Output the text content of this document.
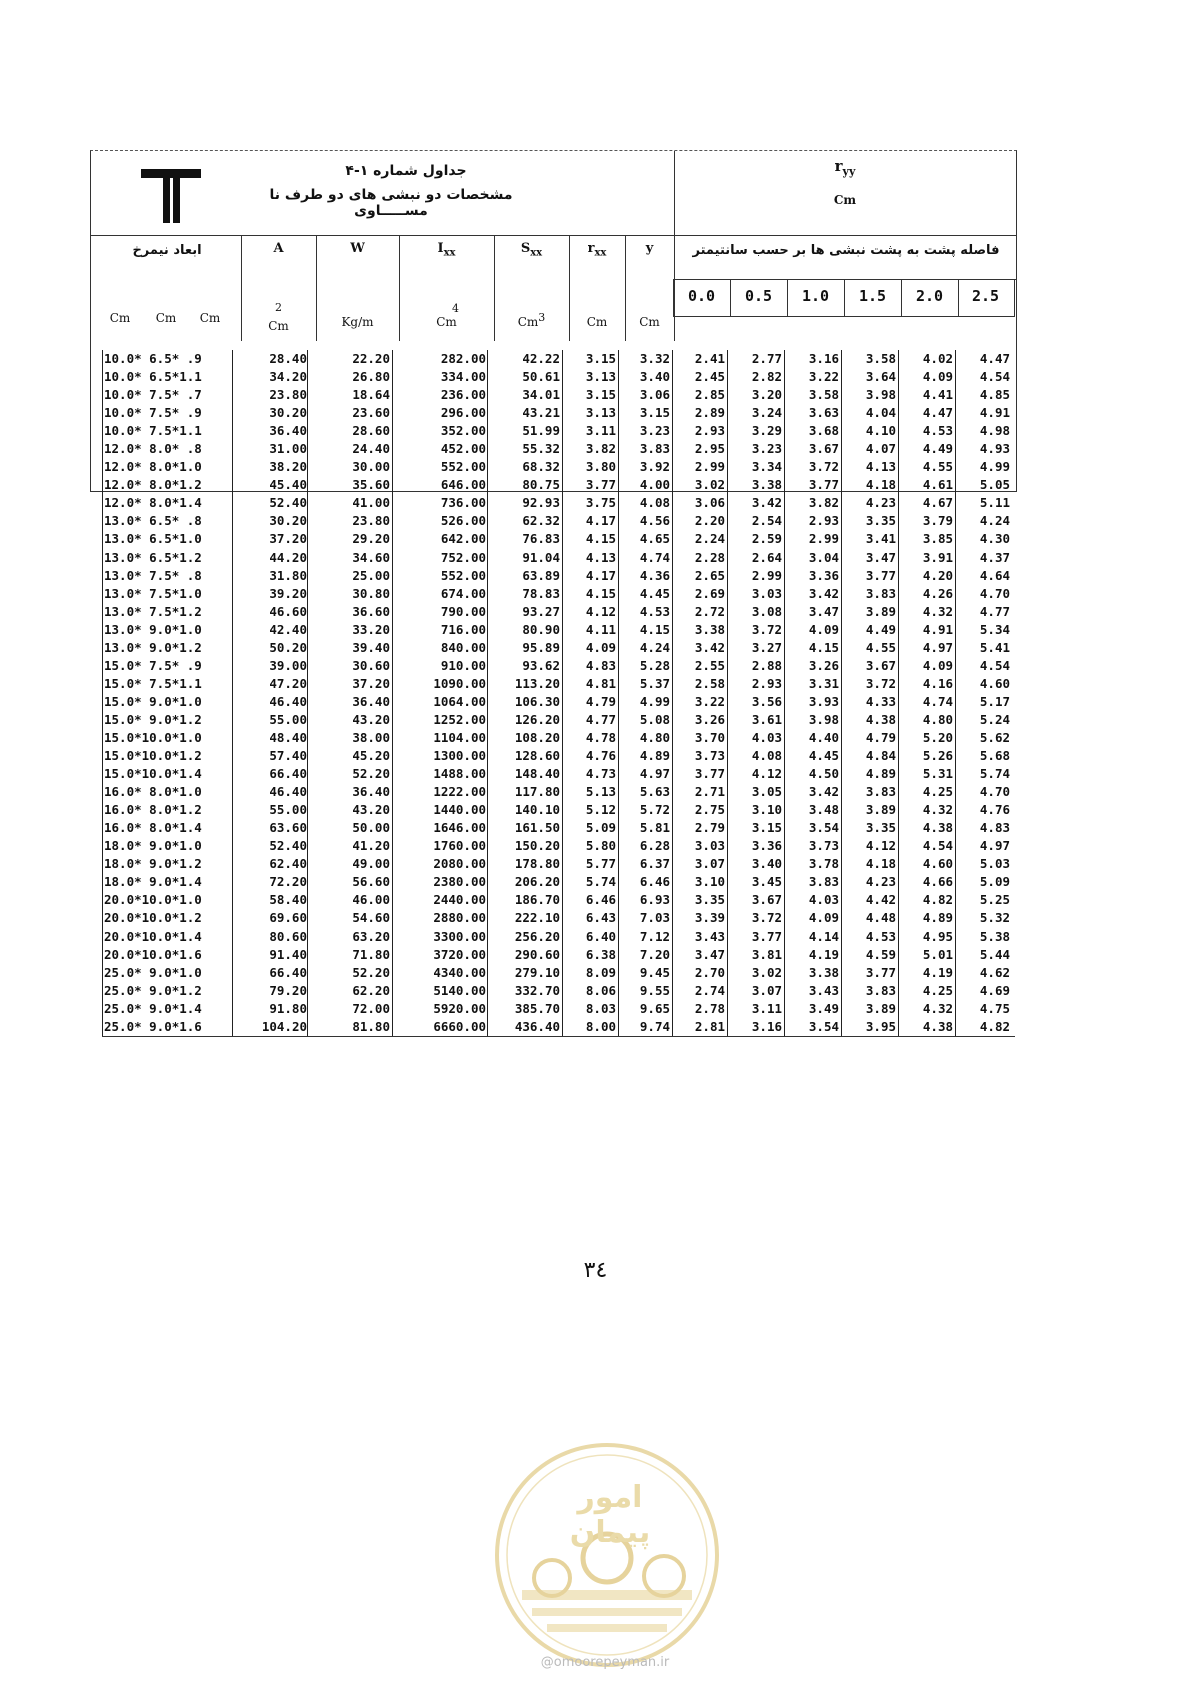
جداول شماره ۱-۴
مشخصات دو نبشی های دو طرف نا مســـــاوی
$r_{yy}$
Cm
فاصله پشت به پشت نبشی ها بر حسب سانتیمتر
ابعاد نیمرخ
Cm	Cm	Cm
A	W	$I_{xx}$	$S_{xx}$	$r_{xx}$	y
$^2$
Cm	Kg/m
4
Cm	Cm$^3$	Cm	Cm
0.0	0.5	1.0	1.5	2.0	2.5
10.0* 6.5* .9	28.40	22.20	282.00	42.22 3.15 3.32 2.41 2.77 3.16 3.58 4.02 4.47
10.0* 6.5*1.1	34.20	26.80	334.00	50.61 3.13 3.40 2.45 2.82 3.22 3.64 4.09 4.54
10.0* 7.5* .7	23.80	18.64	236.00	34.01 3.15 3.06 2.85 3.20 3.58 3.98 4.41 4.85
10.0* 7.5* .9	30.20	23.60	296.00	43.21 3.13 3.15 2.89 3.24 3.63 4.04 4.47 4.91
10.0* 7.5*1.1	36.40	28.60	352.00	51.99 3.11 3.23 2.93 3.29 3.68 4.10 4.53 4.98
12.0* 8.0* .8	31.00	24.40	452.00	55.32 3.82 3.83 2.95 3.23 3.67 4.07 4.49 4.93
12.0* 8.0*1.0	38.20	30.00	552.00	68.32 3.80 3.92 2.99 3.34 3.72 4.13 4.55 4.99
12.0* 8.0*1.2	45.40	35.60	646.00	80.75 3.77 4.00 3.02 3.38 3.77 4.18 4.61 5.05
12.0* 8.0*1.4	52.40	41.00	736.00	92.93 3.75 4.08 3.06 3.42 3.82 4.23 4.67 5.11
13.0* 6.5* .8	30.20	23.80	526.00	62.32 4.17 4.56 2.20 2.54 2.93 3.35 3.79 4.24
13.0* 6.5*1.0	37.20	29.20	642.00	76.83 4.15 4.65 2.24 2.59 2.99 3.41 3.85 4.30
13.0* 6.5*1.2	44.20	34.60	752.00	91.04 4.13 4.74 2.28 2.64 3.04 3.47 3.91 4.37
13.0* 7.5* .8	31.80	25.00	552.00	63.89 4.17 4.36 2.65 2.99 3.36 3.77 4.20 4.64
13.0* 7.5*1.0	39.20	30.80	674.00	78.83 4.15 4.45 2.69 3.03 3.42 3.83 4.26 4.70
13.0* 7.5*1.2	46.60	36.60	790.00	93.27 4.12 4.53 2.72 3.08 3.47 3.89 4.32 4.77
13.0* 9.0*1.0	42.40	33.20	716.00	80.90 4.11 4.15 3.38 3.72 4.09 4.49 4.91 5.34
13.0* 9.0*1.2	50.20	39.40	840.00	95.89 4.09 4.24 3.42 3.27 4.15 4.55 4.97 5.41
15.0* 7.5* .9	39.00	30.60	910.00	93.62 4.83 5.28 2.55 2.88 3.26 3.67 4.09 4.54
15.0* 7.5*1.1	47.20	37.20	1090.00 113.20 4.81 5.37 2.58 2.93 3.31 3.72 4.16 4.60
15.0* 9.0*1.0	46.40	36.40	1064.00 106.30 4.79 4.99 3.22 3.56 3.93 4.33 4.74 5.17
15.0* 9.0*1.2	55.00	43.20	1252.00 126.20 4.77 5.08 3.26 3.61 3.98 4.38 4.80 5.24
15.0*10.0*1.0	48.40	38.00	1104.00 108.20 4.78 4.80 3.70 4.03 4.40 4.79 5.20 5.62
15.0*10.0*1.2	57.40	45.20	1300.00 128.60 4.76 4.89 3.73 4.08 4.45 4.84 5.26 5.68
15.0*10.0*1.4	66.40	52.20	1488.00 148.40 4.73 4.97 3.77 4.12 4.50 4.89 5.31 5.74
16.0* 8.0*1.0	46.40	36.40	1222.00 117.80 5.13 5.63 2.71 3.05 3.42 3.83 4.25 4.70
16.0* 8.0*1.2	55.00	43.20	1440.00 140.10 5.12 5.72 2.75 3.10 3.48 3.89 4.32 4.76
16.0* 8.0*1.4	63.60	50.00	1646.00 161.50 5.09 5.81 2.79 3.15 3.54 3.35 4.38 4.83
18.0* 9.0*1.0	52.40	41.20	1760.00 150.20 5.80 6.28 3.03 3.36 3.73 4.12 4.54 4.97
18.0* 9.0*1.2	62.40	49.00	2080.00 178.80 5.77 6.37 3.07 3.40 3.78 4.18 4.60 5.03
18.0* 9.0*1.4	72.20	56.60	2380.00 206.20 5.74 6.46 3.10 3.45 3.83 4.23 4.66 5.09
20.0*10.0*1.0	58.40	46.00	2440.00 186.70 6.46 6.93 3.35 3.67 4.03 4.42 4.82 5.25
20.0*10.0*1.2	69.60	54.60	2880.00 222.10 6.43 7.03 3.39 3.72 4.09 4.48 4.89 5.32
20.0*10.0*1.4	80.60	63.20	3300.00 256.20 6.40 7.12 3.43 3.77 4.14 4.53 4.95 5.38
20.0*10.0*1.6	91.40	71.80	3720.00 290.60 6.38 7.20 3.47 3.81 4.19 4.59 5.01 5.44
25.0* 9.0*1.0	66.40	52.20	4340.00 279.10 8.09 9.45 2.70 3.02 3.38 3.77 4.19 4.62
25.0* 9.0*1.2	79.20	62.20	5140.00 332.70 8.06 9.55 2.74 3.07 3.43 3.83 4.25 4.69
25.0* 9.0*1.4	91.80	72.00	5920.00 385.70 8.03 9.65 2.78 3.11 3.49 3.89 4.32 4.75
25.0* 9.0*1.6	104.20	81.80	6660.00 436.40 8.00 9.74 2.81 3.16 3.54 3.95 4.38 4.82
۳٤
امور پیمان
@omoorepeyman.ir
